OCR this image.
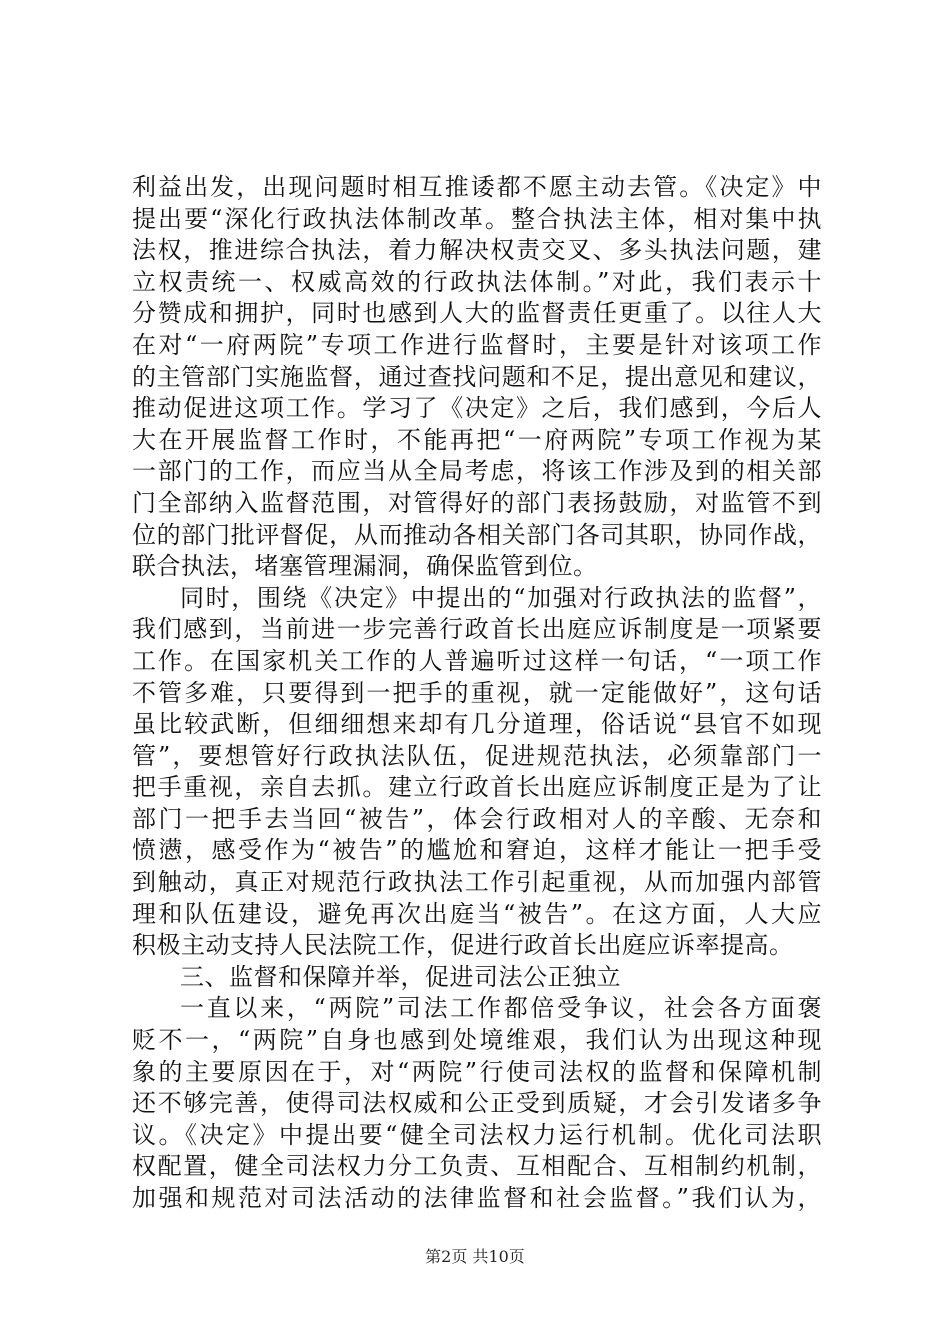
利益出发，出现问题时相互推诿都不愿主动去管。《决定》中
提出要“深化行政执法体制改革。整合执法主体，相对集中执
法权，推进综合执法，着力解决权责交叉、多头执法问题，建
立权责统一、权威高效的行政执法体制。”对此，我们表示十
分赞成和拥护，同时也感到人大的监督责任更重了。以往人大
在对“一府两院”专项工作进行监督时，主要是针对该项工作
的主管部门实施监督，通过查找问题和不足，提出意见和建议，
推动促进这项工作。学习了《决定》之后，我们感到，今后人
大在开展监督工作时，不能再把“一府两院”专项工作视为某
一部门的工作，而应当从全局考虑，将该工作涉及到的相关部
门全部纳入监督范围，对管得好的部门表扬鼓励，对监管不到
位的部门批评督促，从而推动各相关部门各司其职，协同作战，
联合执法，堵塞管理漏洞，确保监管到位。
同时，围绕《决定》中提出的“加强对行政执法的监督”，
我们感到，当前进一步完善行政首长出庭应诉制度是一项紧要
工作。在国家机关工作的人普遍听过这样一句话，“一项工作
不管多难，只要得到一把手的重视，就一定能做好”，这句话
虽比较武断，但细细想来却有几分道理，俗话说“县官不如现
管”，要想管好行政执法队伍，促进规范执法，必须靠部门一
把手重视，亲自去抓。建立行政首长出庭应诉制度正是为了让
部门一把手去当回“被告”，体会行政相对人的辛酸、无奈和
愤懑，感受作为“被告”的尴尬和窘迫，这样才能让一把手受
到触动，真正对规范行政执法工作引起重视，从而加强内部管
理和队伍建设，避免再次出庭当“被告”。在这方面，人大应
积极主动支持人民法院工作，促进行政首长出庭应诉率提高。
三、监督和保障并举，促进司法公正独立
一直以来，“两院”司法工作都倍受争议，社会各方面褒
贬不一，“两院”自身也感到处境维艰，我们认为出现这种现
象的主要原因在于，对“两院”行使司法权的监督和保障机制
还不够完善，使得司法权威和公正受到质疑，才会引发诸多争
议。《决定》中提出要“健全司法权力运行机制。优化司法职
权配置，健全司法权力分工负责、互相配合、互相制约机制，
加强和规范对司法活动的法律监督和社会监督。”我们认为，
第2页 共10页
